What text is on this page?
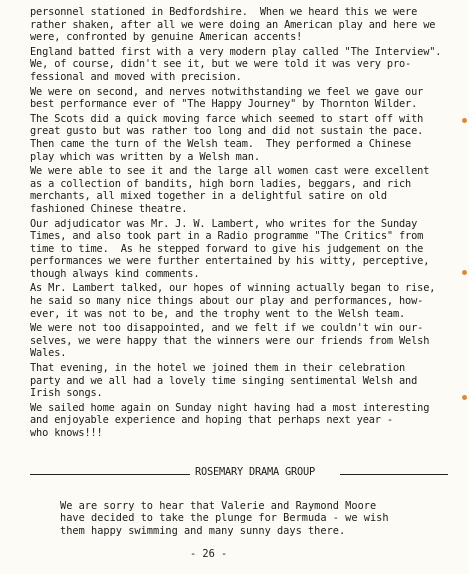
personnel stationed in Bedfordshire.  When we heard this we were
rather shaken, after all we were doing an American play and here we
were, confronted by genuine American accents!

England batted first with a very modern play called "The Interview".
We, of course, didn't see it, but we were told it was very pro-
fessional and moved with precision.

We were on second, and nerves notwithstanding we feel we gave our
best performance ever of "The Happy Journey" by Thornton Wilder.

The Scots did a quick moving farce which seemed to start off with
great gusto but was rather too long and did not sustain the pace.
Then came the turn of the Welsh team.  They performed a Chinese
play which was written by a Welsh man.

We were able to see it and the large all women cast were excellent
as a collection of bandits, high born ladies, beggars, and rich
merchants, all mixed together in a delightful satire on old
fashioned Chinese theatre.

Our adjudicator was Mr. J. W. Lambert, who writes for the Sunday
Times, and also took part in a Radio programme "The Critics" from
time to time.  As he stepped forward to give his judgement on the
performances we were further entertained by his witty, perceptive,
though always kind comments.

As Mr. Lambert talked, our hopes of winning actually began to rise,
he said so many nice things about our play and performances, how-
ever, it was not to be, and the trophy went to the Welsh team.

We were not too disappointed, and we felt if we couldn't win our-
selves, we were happy that the winners were our friends from Welsh
Wales.

That evening, in the hotel we joined them in their celebration
party and we all had a lovely time singing sentimental Welsh and
Irish songs.

We sailed home again on Sunday night having had a most interesting
and enjoyable experience and hoping that perhaps next year -
who knows!!!

ROSEMARY DRAMA GROUP
We are sorry to hear that Valerie and Raymond Moore
have decided to take the plunge for Bermuda - we wish
them happy swimming and many sunny days there.
- 26 -
